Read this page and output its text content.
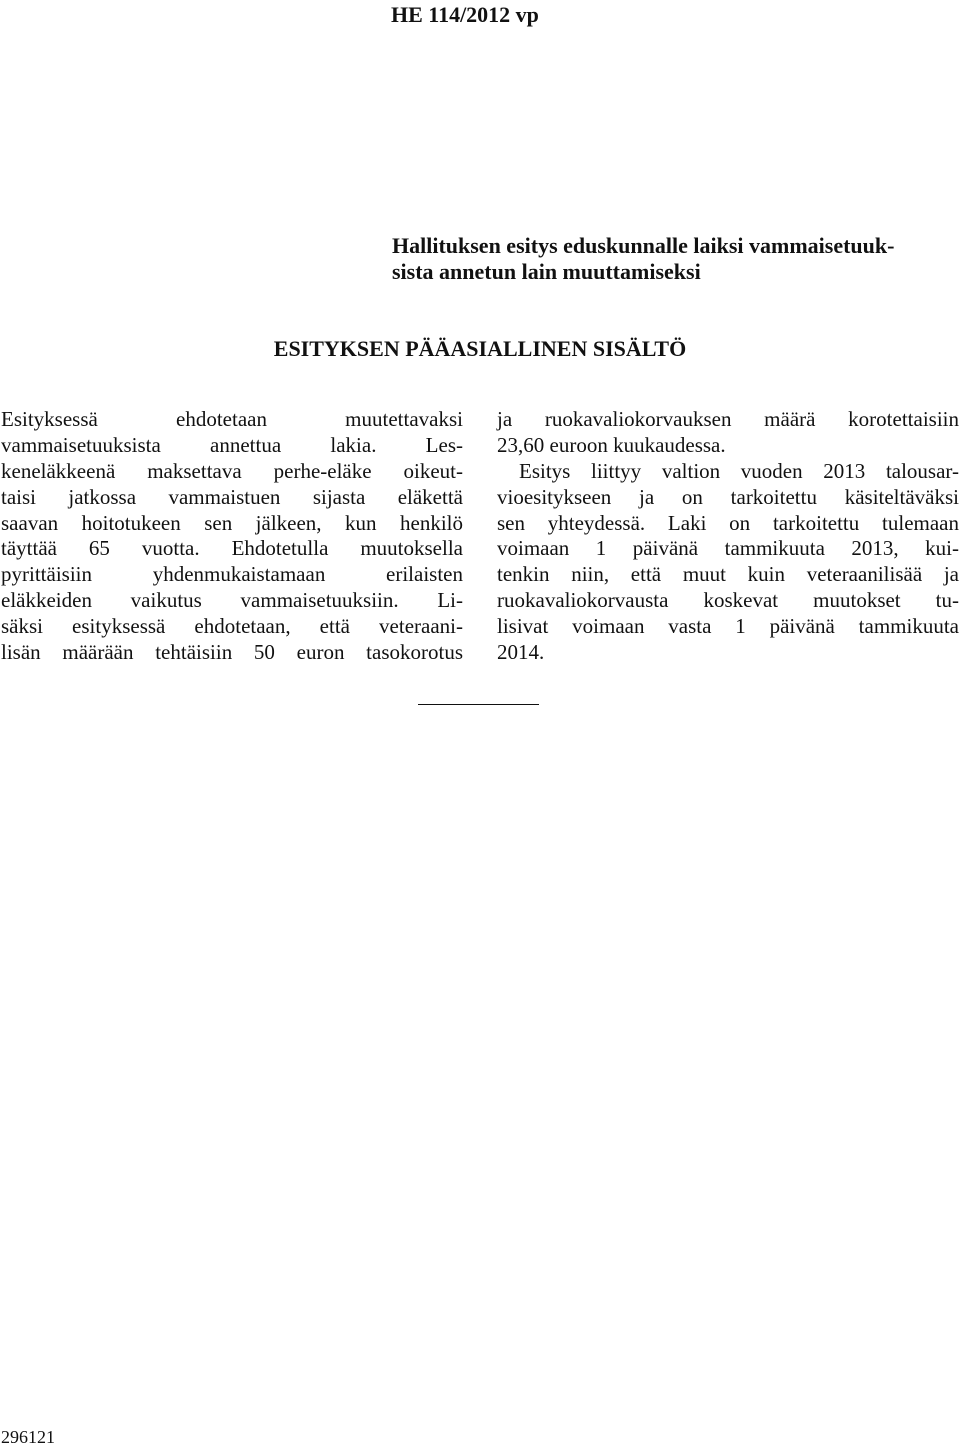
HE 114/2012 vp
Hallituksen esitys eduskunnalle laiksi vammaisetuuk-
sista annetun lain muuttamiseksi
ESITYKSEN PÄÄASIALLINEN SISÄLTÖ
Esityksessä ehdotetaan muutettavaksi
vammaisetuuksista annettua lakia. Les-
keneläkkeenä maksettava perhe-eläke oikeut-
taisi jatkossa vammaistuen sijasta eläkettä
saavan hoitotukeen sen jälkeen, kun henkilö
täyttää 65 vuotta. Ehdotetulla muutoksella
pyrittäisiin yhdenmukaistamaan erilaisten
eläkkeiden vaikutus vammaisetuuksiin. Li-
säksi esityksessä ehdotetaan, että veteraani-
lisän määrään tehtäisiin 50 euron tasokorotus
ja ruokavaliokorvauksen määrä korotettaisiin
23,60 euroon kuukaudessa.
Esitys liittyy valtion vuoden 2013 talousar-
vioesitykseen ja on tarkoitettu käsiteltäväksi
sen yhteydessä. Laki on tarkoitettu tulemaan
voimaan 1 päivänä tammikuuta 2013, kui-
tenkin niin, että muut kuin veteraanilisää ja
ruokavaliokorvausta koskevat muutokset tu-
lisivat voimaan vasta 1 päivänä tammikuuta
2014.
296121
